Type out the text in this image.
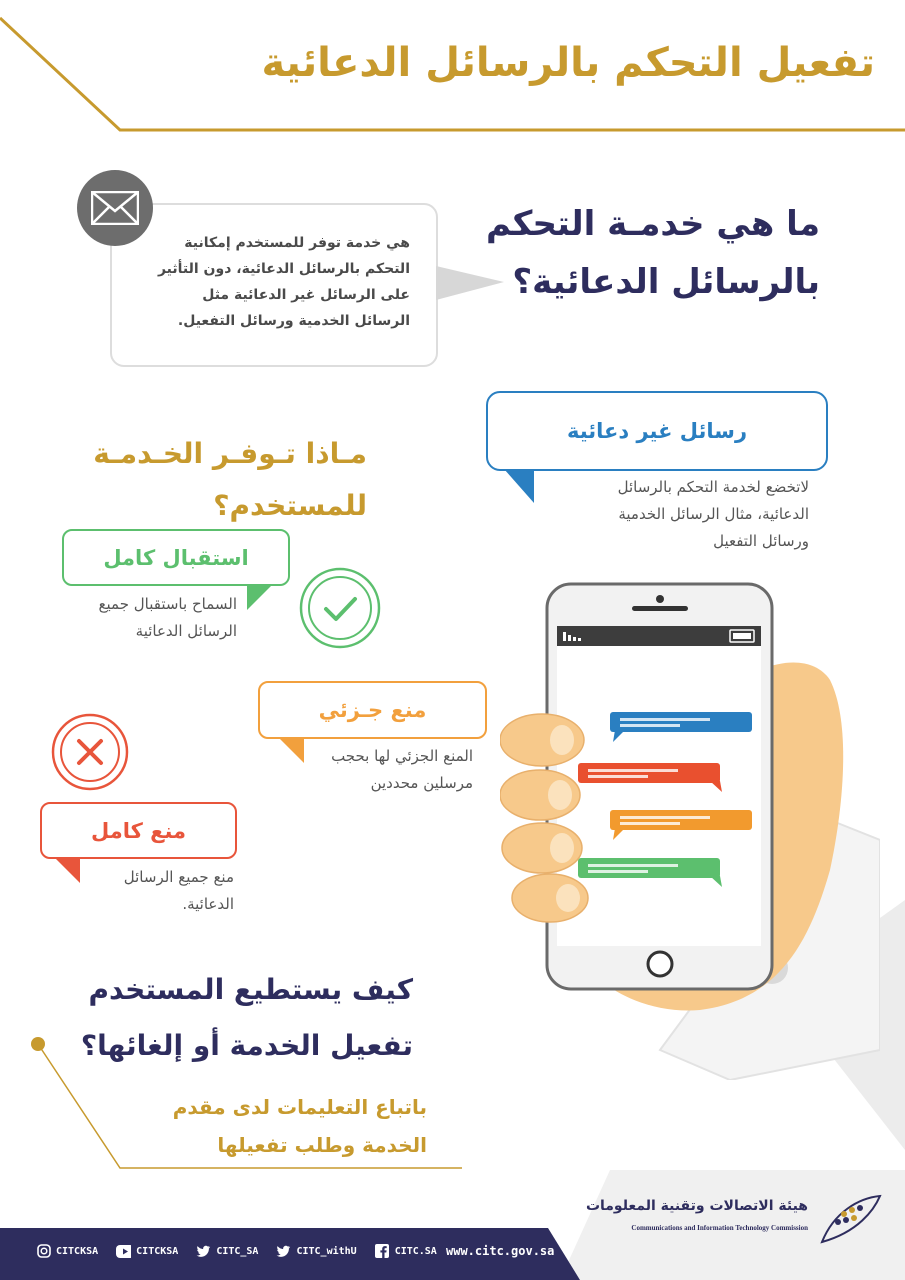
تفعيل التحكم بالرسائل الدعائية
هي خدمة توفر للمستخدم إمكانية
التحكم بالرسائل الدعائية، دون التأثير
على الرسائل غير الدعائية مثل
الرسائل الخدمية ورسائل التفعيل.
ما هي خدمـة التحكم
بالرسائل الدعائية؟
رسائل غير دعائية
لاتخضع لخدمة التحكم بالرسائل
الدعائية، مثال الرسائل الخدمية
ورسائل التفعيل
مـاذا تـوفـر الخـدمـة
للمستخدم؟
استقبال كامل
السماح باستقبال جميع
الرسائل الدعائية
منع جـزئي
المنع الجزئي لها بحجب
مرسلين محددين
منع كامل
منع جميع الرسائل
الدعائية.
كيف يستطيع المستخدم
تفعيل الخدمة أو إلغائها؟
باتباع التعليمات لدى مقدم
الخدمة وطلب تفعيلها
CITCKSA	CITCKSA	CITC_SA	CITC_withU	CITC.SA www.citc.gov.sa
هيئة الاتصالات وتقنية المعلومات
Communications and Information Technology Commission
